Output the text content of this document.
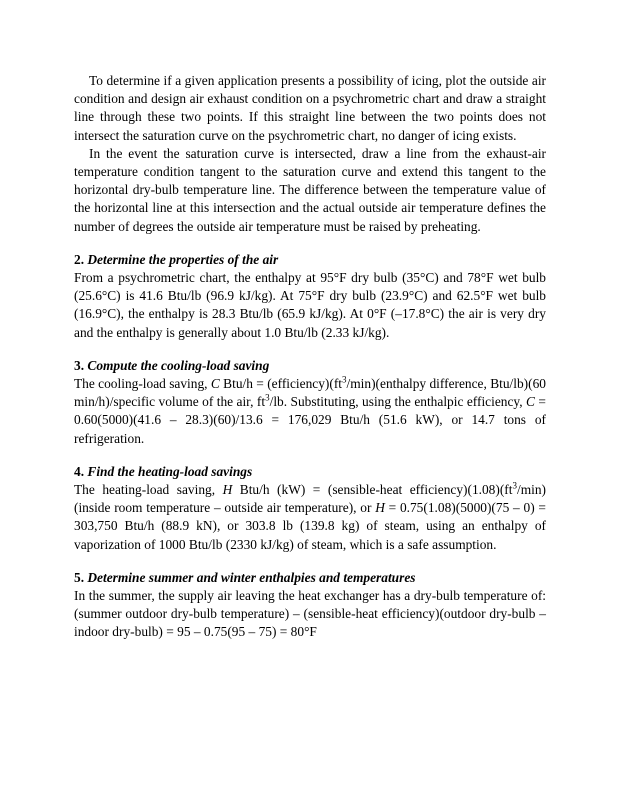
To determine if a given application presents a possibility of icing, plot the outside air condition and design air exhaust condition on a psychrometric chart and draw a straight line through these two points. If this straight line between the two points does not intersect the saturation curve on the psychrometric chart, no danger of icing exists.

In the event the saturation curve is intersected, draw a line from the exhaust-air temperature condition tangent to the saturation curve and extend this tangent to the horizontal dry-bulb temperature line. The difference between the temperature value of the horizontal line at this intersection and the actual outside air temperature defines the number of degrees the outside air temperature must be raised by preheating.

2. Determine the properties of the air

From a psychrometric chart, the enthalpy at 95°F dry bulb (35°C) and 78°F wet bulb (25.6°C) is 41.6 Btu/lb (96.9 kJ/kg). At 75°F dry bulb (23.9°C) and 62.5°F wet bulb (16.9°C), the enthalpy is 28.3 Btu/lb (65.9 kJ/kg). At 0°F (–17.8°C) the air is very dry and the enthalpy is generally about 1.0 Btu/lb (2.33 kJ/kg).

3. Compute the cooling-load saving

The cooling-load saving, C $Btu/h = (efficiency)(ft^3/\min)(enthalpy$ difference, Btu/lb)(60 min/h)/specific volume of the air, $ft^3/lb$. Substituting, using the enthalpic efficiency, C = 0.60(5000)(41.6 – 28.3)(60)/13.6 = 176,029 Btu/h (51.6 kW), or 14.7 tons of refrigeration.

4. Find the heating-load savings

The heating-load saving, H Btu/h (kW) = (sensible-heat $efficiency)(1.08)(ft^3/\min)(inside$ room temperature – outside air temperature), or H = 0.75(1.08)(5000)(75 – 0) = 303,750 Btu/h (88.9 kN), or 303.8 lb (139.8 kg) of steam, using an enthalpy of vaporization of 1000 Btu/lb (2330 kJ/kg) of steam, which is a safe assumption.

5. Determine summer and winter enthalpies and temperatures

In the summer, the supply air leaving the heat exchanger has a dry-bulb temperature of: (summer outdoor dry-bulb temperature) – (sensible-heat efficiency)(outdoor dry-bulb – indoor dry-bulb) = 95 – 0.75(95 – 75) = 80°F
